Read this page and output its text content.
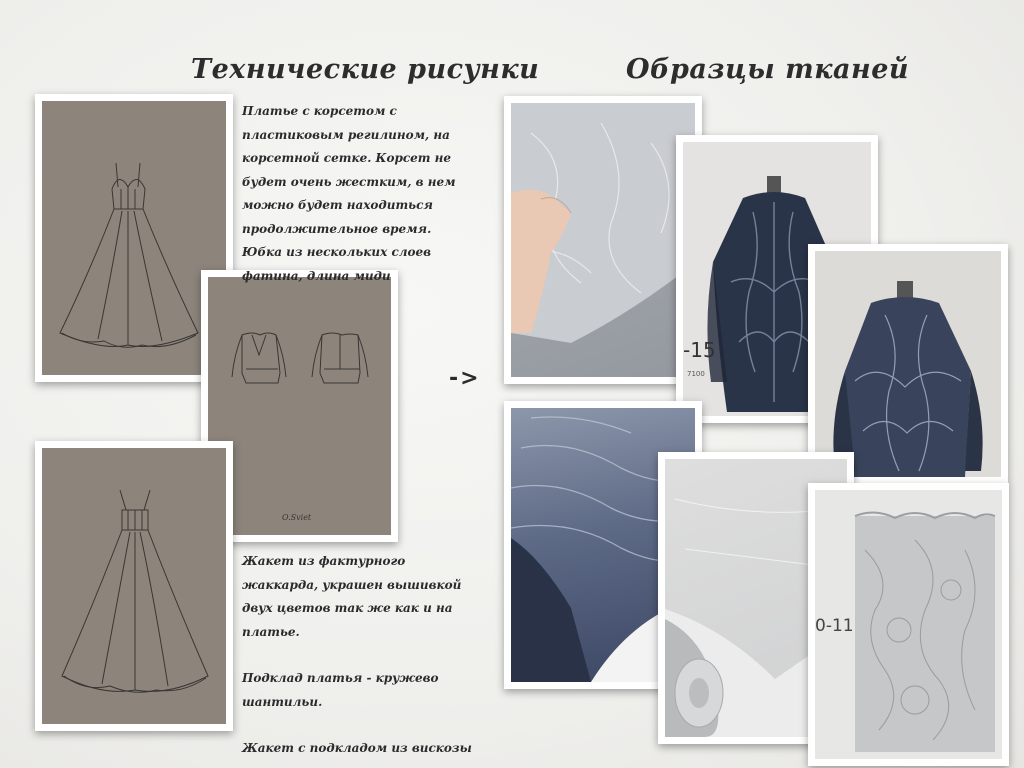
Технические рисунки	Образцы тканей
O.Sviet

Платье с корсетом с пластиковым регилином, на корсетной сетке. Корсет не будет очень жестким, в нем можно будет находиться продолжительное время. Юбка из нескольких слоев фатина, длина миди

Жакет из фактурного жаккарда, украшен вышивкой двух цветов так же как и на платье.

Подклад платья - кружево шантильи.

Жакет с подкладом из вискозы

->
-15
7100
0-11
